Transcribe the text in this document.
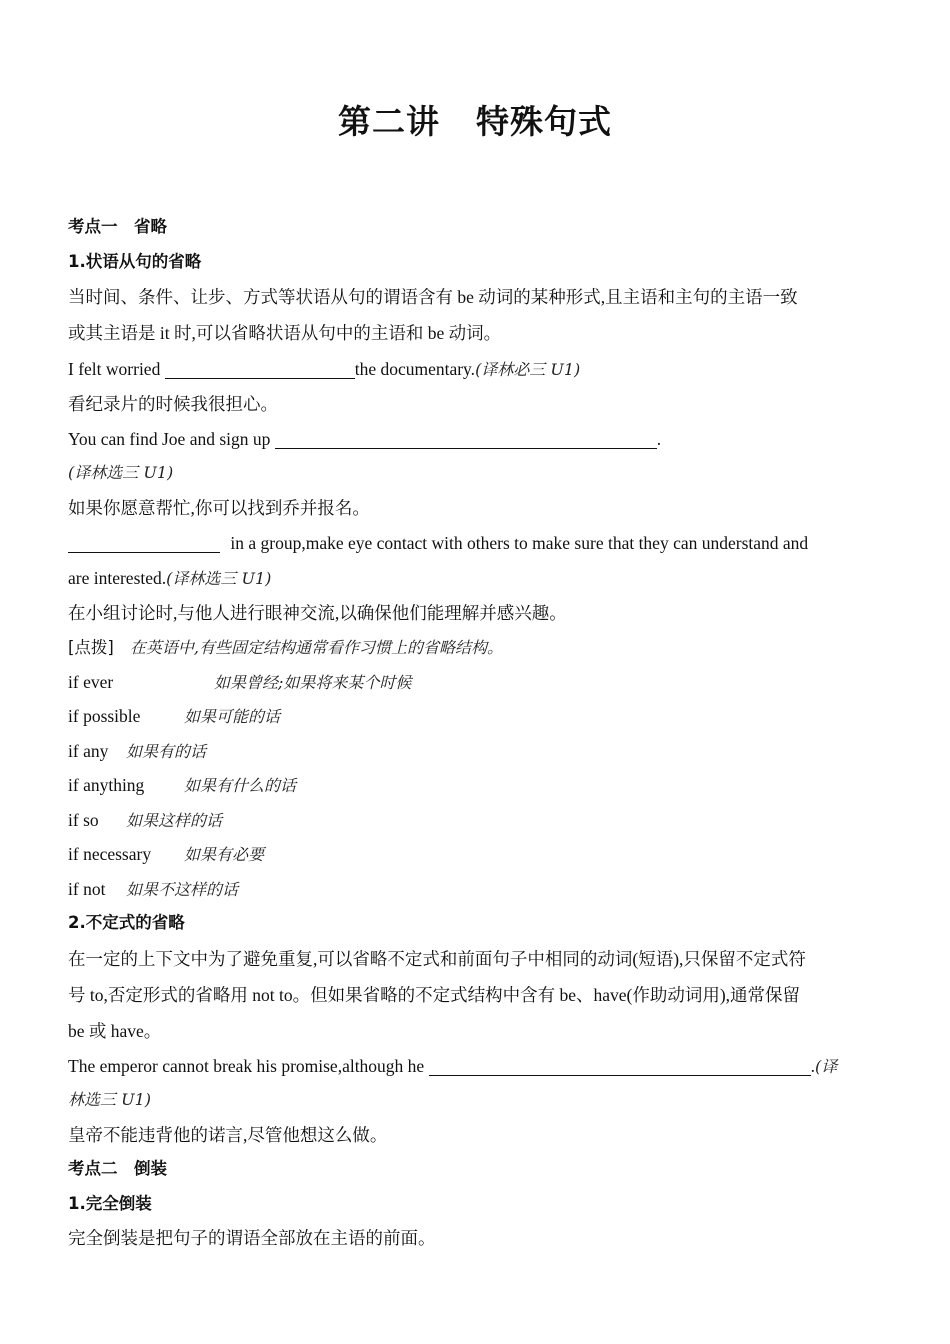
第二讲 特殊句式
考点一　省略
1.状语从句的省略
当时间、条件、让步、方式等状语从句的谓语含有 be 动词的某种形式,且主语和主句的主语一致
或其主语是 it 时,可以省略状语从句中的主语和 be 动词。
I felt worried	the documentary.(译林必三 U1)
看纪录片的时候我很担心。
You can find Joe and sign up	.
(译林选三 U1)
如果你愿意帮忙,你可以找到乔并报名。
in a group,make eye contact with others to make sure that they can understand and
are interested.(译林选三 U1)
在小组讨论时,与他人进行眼神交流,以确保他们能理解并感兴趣。
[点拨] 在英语中,有些固定结构通常看作习惯上的省略结构。
if ever	如果曾经;如果将来某个时候
if possible	如果可能的话
if any 如果有的话
if anything 如果有什么的话
if so 如果这样的话
if necessary 如果有必要
if not 如果不这样的话
2.不定式的省略
在一定的上下文中为了避免重复,可以省略不定式和前面句子中相同的动词(短语),只保留不定式符
号 to,否定形式的省略用 not to。但如果省略的不定式结构中含有 be、have(作助动词用),通常保留
be 或 have。
The emperor cannot break his promise,although he	.(译
林选三 U1)
皇帝不能违背他的诺言,尽管他想这么做。
考点二　倒装
1.完全倒装
完全倒装是把句子的谓语全部放在主语的前面。
